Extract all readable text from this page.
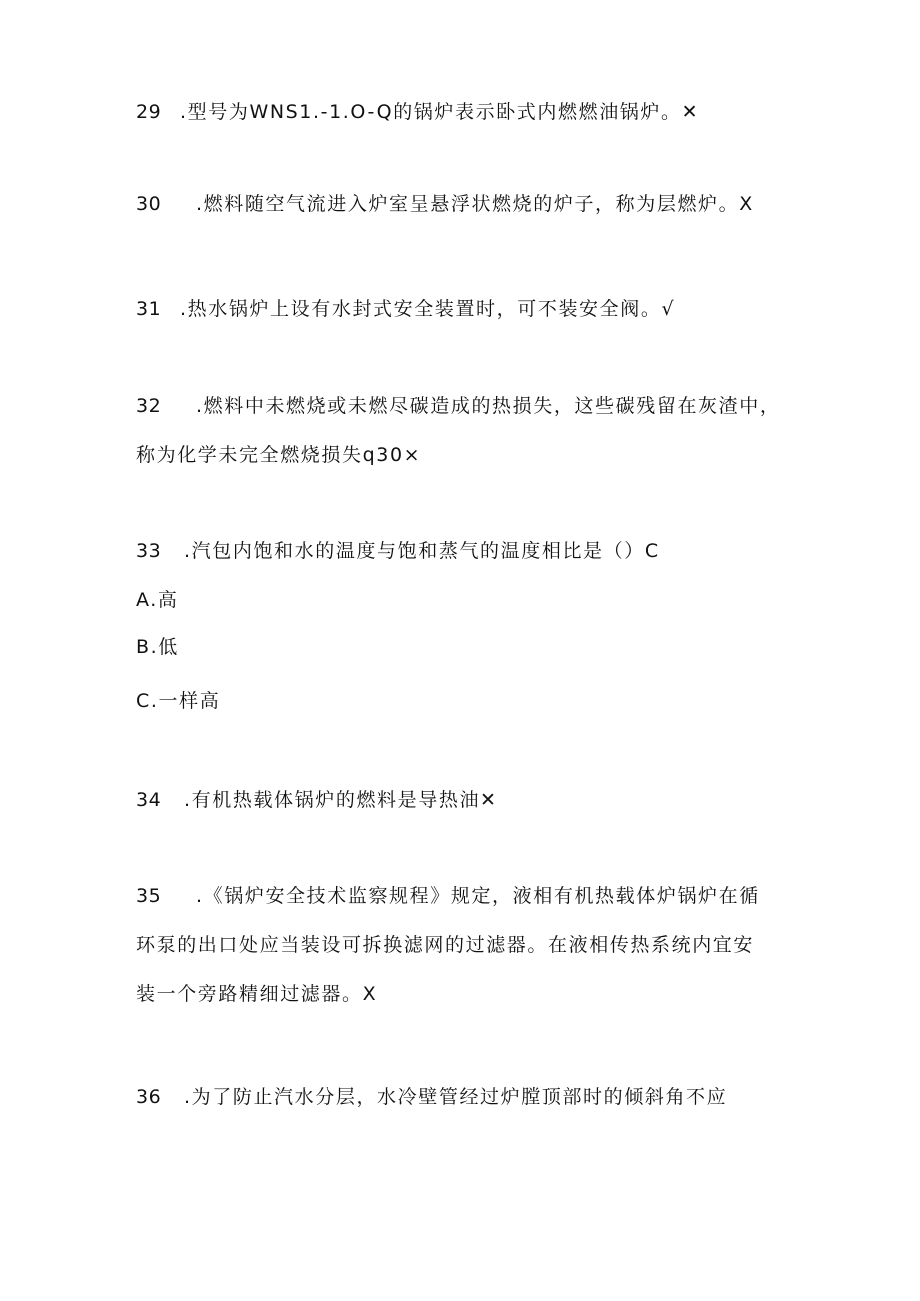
29 .型号为WNS1.-1.O-Q的锅炉表示卧式内燃燃油锅炉。✕
30 .燃料随空气流进入炉室呈悬浮状燃烧的炉子，称为层燃炉。X
31 .热水锅炉上设有水封式安全装置时，可不装安全阀。√
32 .燃料中未燃烧或未燃尽碳造成的热损失，这些碳残留在灰渣中，
称为化学未完全燃烧损失q30×
33 .汽包内饱和水的温度与饱和蒸气的温度相比是（）C
A.高
B.低
C.一样高
34 .有机热载体锅炉的燃料是导热油✕
35 .《锅炉安全技术监察规程》规定，液相有机热载体炉锅炉在循
环泵的出口处应当装设可拆换滤网的过滤器。在液相传热系统内宜安
装一个旁路精细过滤器。X
36 .为了防止汽水分层，水冷壁管经过炉膛顶部时的倾斜角不应
